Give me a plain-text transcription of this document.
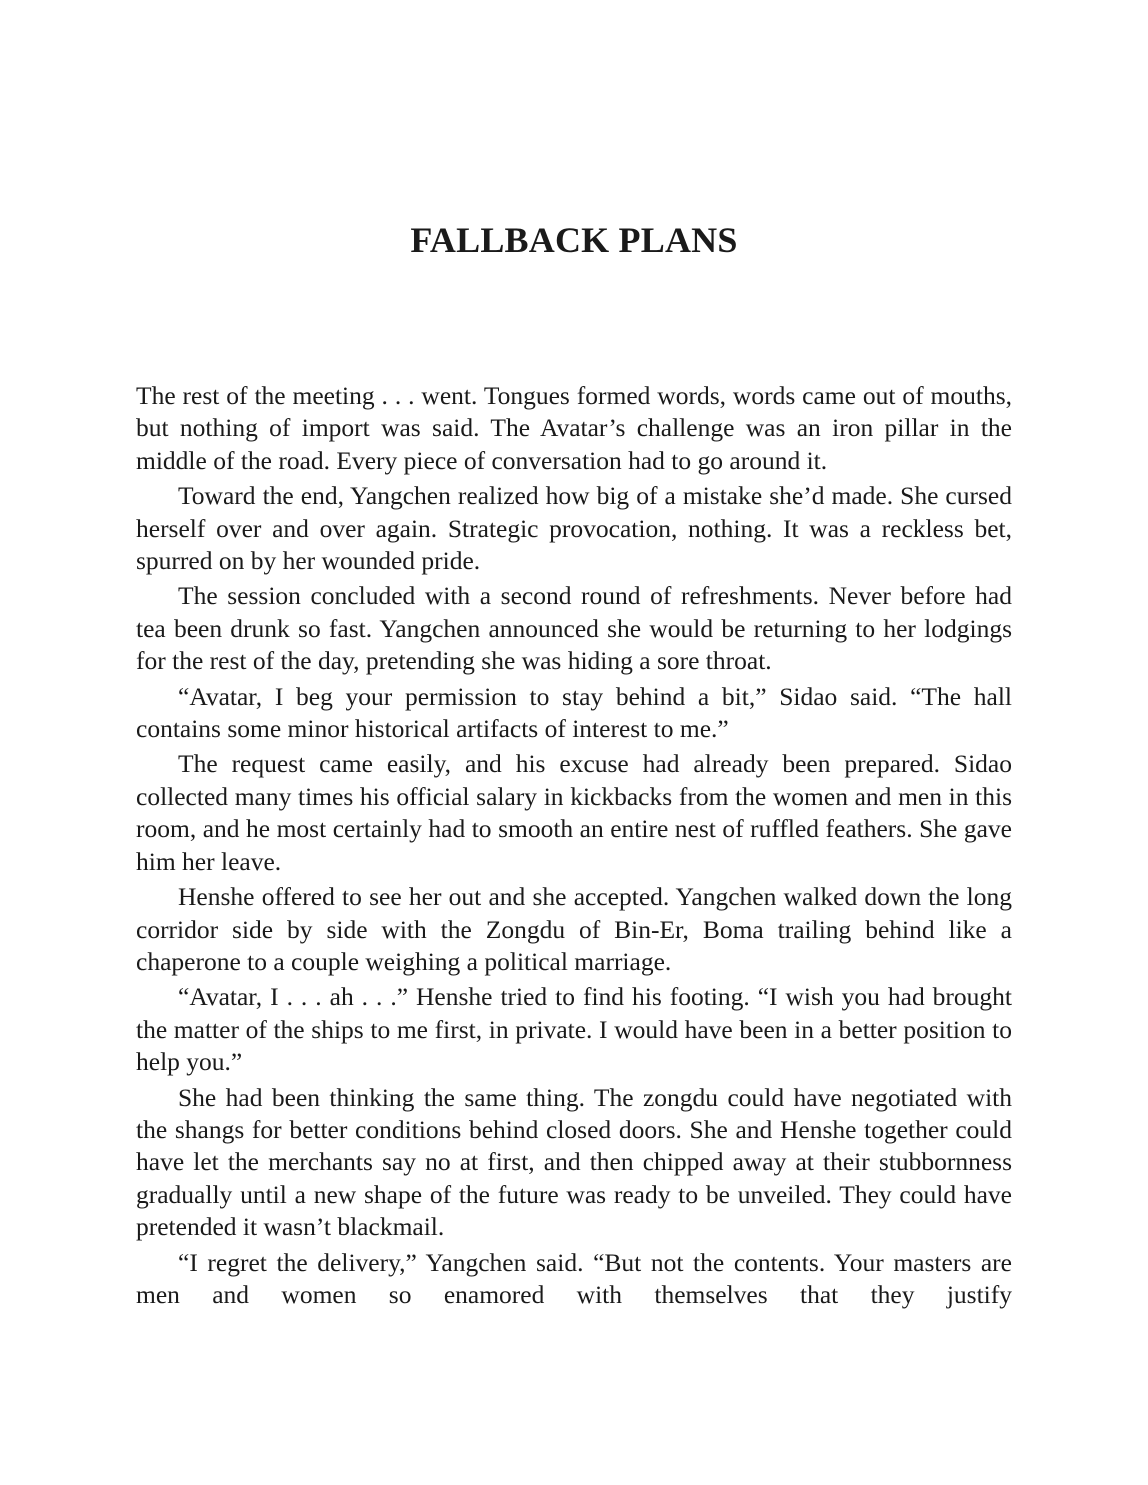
FALLBACK PLANS

The rest of the meeting . . . went. Tongues formed words, words came out of mouths, but nothing of import was said. The Avatar’s challenge was an iron pillar in the middle of the road. Every piece of conversation had to go around it.

Toward the end, Yangchen realized how big of a mistake she’d made. She cursed herself over and over again. Strategic provocation, nothing. It was a reckless bet, spurred on by her wounded pride.

The session concluded with a second round of refreshments. Never before had tea been drunk so fast. Yangchen announced she would be returning to her lodgings for the rest of the day, pretending she was hiding a sore throat.

“Avatar, I beg your permission to stay behind a bit,” Sidao said. “The hall contains some minor historical artifacts of interest to me.”

The request came easily, and his excuse had already been prepared. Sidao collected many times his official salary in kickbacks from the women and men in this room, and he most certainly had to smooth an entire nest of ruffled feathers. She gave him her leave.

Henshe offered to see her out and she accepted. Yangchen walked down the long corridor side by side with the Zongdu of Bin-Er, Boma trailing behind like a chaperone to a couple weighing a political marriage.

“Avatar, I . . . ah . . .” Henshe tried to find his footing. “I wish you had brought the matter of the ships to me first, in private. I would have been in a better position to help you.”

She had been thinking the same thing. The zongdu could have negotiated with the shangs for better conditions behind closed doors. She and Henshe together could have let the merchants say no at first, and then chipped away at their stubbornness gradually until a new shape of the future was ready to be unveiled. They could have pretended it wasn’t blackmail.

“I regret the delivery,” Yangchen said. “But not the contents. Your masters are men and women so enamored with themselves that they justify
